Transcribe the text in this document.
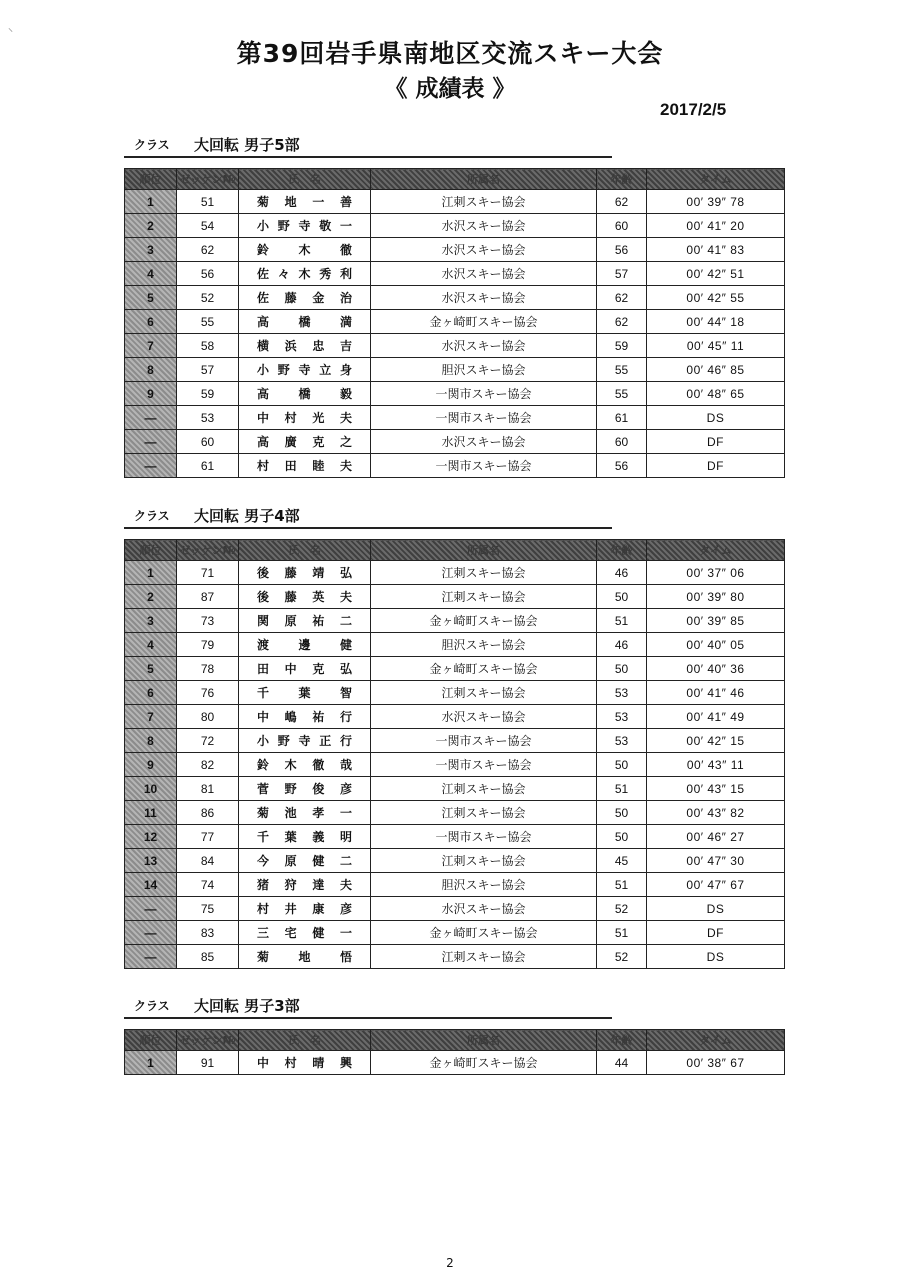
第39回岩手県南地区交流スキー大会
《 成績表 》
2017/2/5
クラス 大回転 男子5部
順位	ゼッケン№	氏　名	所属名	年齢	タイム
1	51	菊 地 一 善	江刺スキー協会	62	00′ 39″ 78
2	54	小 野 寺 敬 一	水沢スキー協会	60	00′ 41″ 20
3	62	鈴 木 徹	水沢スキー協会	56	00′ 41″ 83
4	56	佐 々 木 秀 利	水沢スキー協会	57	00′ 42″ 51
5	52	佐 藤 金 治	水沢スキー協会	62	00′ 42″ 55
6	55	高 橋 満	金ヶ崎町スキー協会	62	00′ 44″ 18
7	58	横 浜 忠 吉	水沢スキー協会	59	00′ 45″ 11
8	57	小 野 寺 立 身	胆沢スキー協会	55	00′ 46″ 85
9	59	高 橋 毅	一関市スキー協会	55	00′ 48″ 65
—	53	中 村 光 夫	一関市スキー協会	61	DS
—	60	高 廣 克 之	水沢スキー協会	60	DF
—	61	村 田 睦 夫	一関市スキー協会	56	DF
クラス 大回転 男子4部
順位	ゼッケン№	氏　名	所属名	年齢	タイム
1	71	後 藤 靖 弘	江刺スキー協会	46	00′ 37″ 06
2	87	後 藤 英 夫	江刺スキー協会	50	00′ 39″ 80
3	73	関 原 祐 二	金ヶ崎町スキー協会	51	00′ 39″ 85
4	79	渡 邊 健	胆沢スキー協会	46	00′ 40″ 05
5	78	田 中 克 弘	金ヶ崎町スキー協会	50	00′ 40″ 36
6	76	千 葉 智	江刺スキー協会	53	00′ 41″ 46
7	80	中 嶋 祐 行	水沢スキー協会	53	00′ 41″ 49
8	72	小 野 寺 正 行	一関市スキー協会	53	00′ 42″ 15
9	82	鈴 木 徹 哉	一関市スキー協会	50	00′ 43″ 11
10	81	菅 野 俊 彦	江刺スキー協会	51	00′ 43″ 15
11	86	菊 池 孝 一	江刺スキー協会	50	00′ 43″ 82
12	77	千 葉 義 明	一関市スキー協会	50	00′ 46″ 27
13	84	今 原 健 二	江刺スキー協会	45	00′ 47″ 30
14	74	猪 狩 達 夫	胆沢スキー協会	51	00′ 47″ 67
—	75	村 井 康 彦	水沢スキー協会	52	DS
—	83	三 宅 健 一	金ヶ崎町スキー協会	51	DF
—	85	菊 地 悟	江刺スキー協会	52	DS
クラス 大回転 男子3部
順位	ゼッケン№	氏　名	所属名	年齢	タイム
1	91	中 村 晴 興	金ヶ崎町スキー協会	44	00′ 38″ 67
2
⸜
